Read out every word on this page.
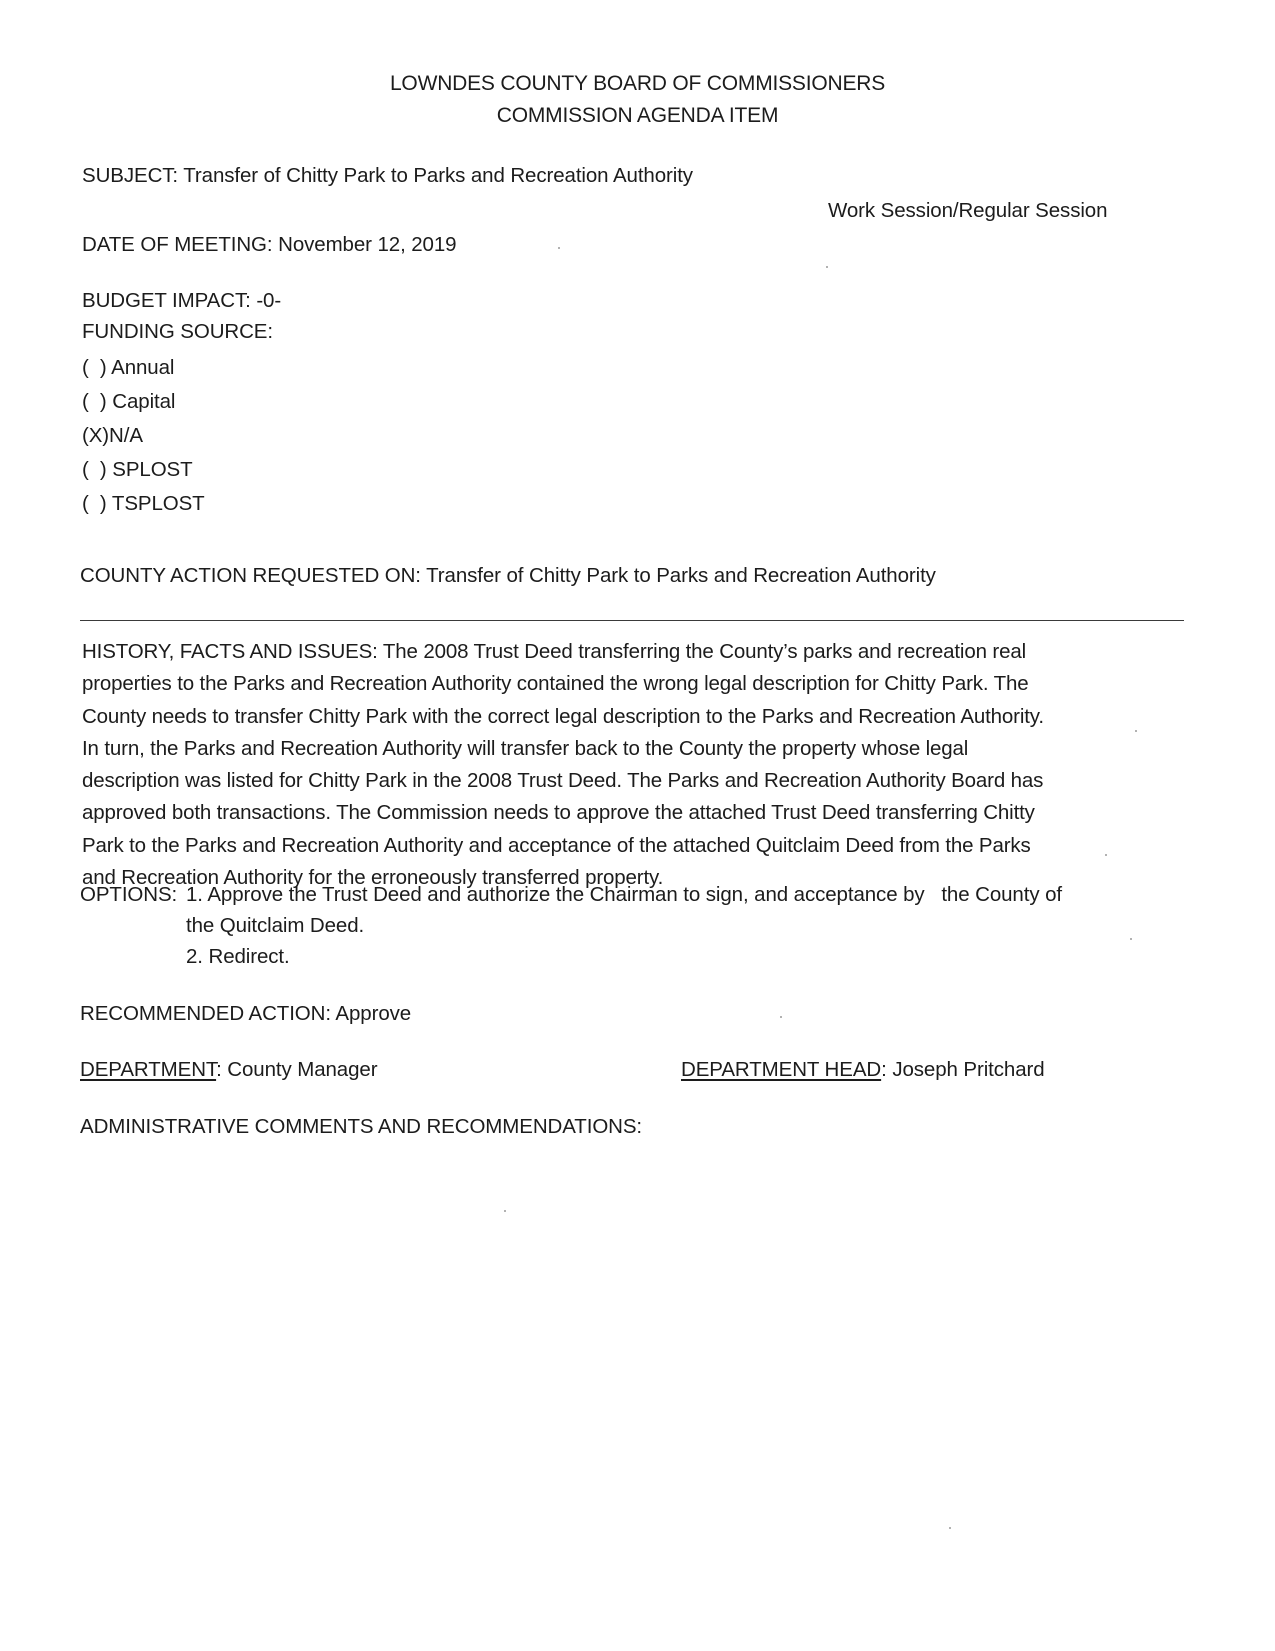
LOWNDES COUNTY BOARD OF COMMISSIONERS
COMMISSION AGENDA ITEM
SUBJECT: Transfer of Chitty Park to Parks and Recreation Authority
Work Session/Regular Session
DATE OF MEETING: November 12, 2019
BUDGET IMPACT: -0-
FUNDING SOURCE:
(  ) Annual
(  ) Capital
(X)N/A
(  ) SPLOST
(  ) TSPLOST
COUNTY ACTION REQUESTED ON: Transfer of Chitty Park to Parks and Recreation Authority
HISTORY, FACTS AND ISSUES: The 2008 Trust Deed transferring the County’s parks and recreation real
properties to the Parks and Recreation Authority contained the wrong legal description for Chitty Park. The
County needs to transfer Chitty Park with the correct legal description to the Parks and Recreation Authority.
In turn, the Parks and Recreation Authority will transfer back to the County the property whose legal
description was listed for Chitty Park in the 2008 Trust Deed. The Parks and Recreation Authority Board has
approved both transactions. The Commission needs to approve the attached Trust Deed transferring Chitty
Park to the Parks and Recreation Authority and acceptance of the attached Quitclaim Deed from the Parks
and Recreation Authority for the erroneously transferred property.
OPTIONS: 1. Approve the Trust Deed and authorize the Chairman to sign, and acceptance by   the County of
the Quitclaim Deed.
2. Redirect.
RECOMMENDED ACTION: Approve
DEPARTMENT: County Manager	DEPARTMENT HEAD: Joseph Pritchard
ADMINISTRATIVE COMMENTS AND RECOMMENDATIONS:
